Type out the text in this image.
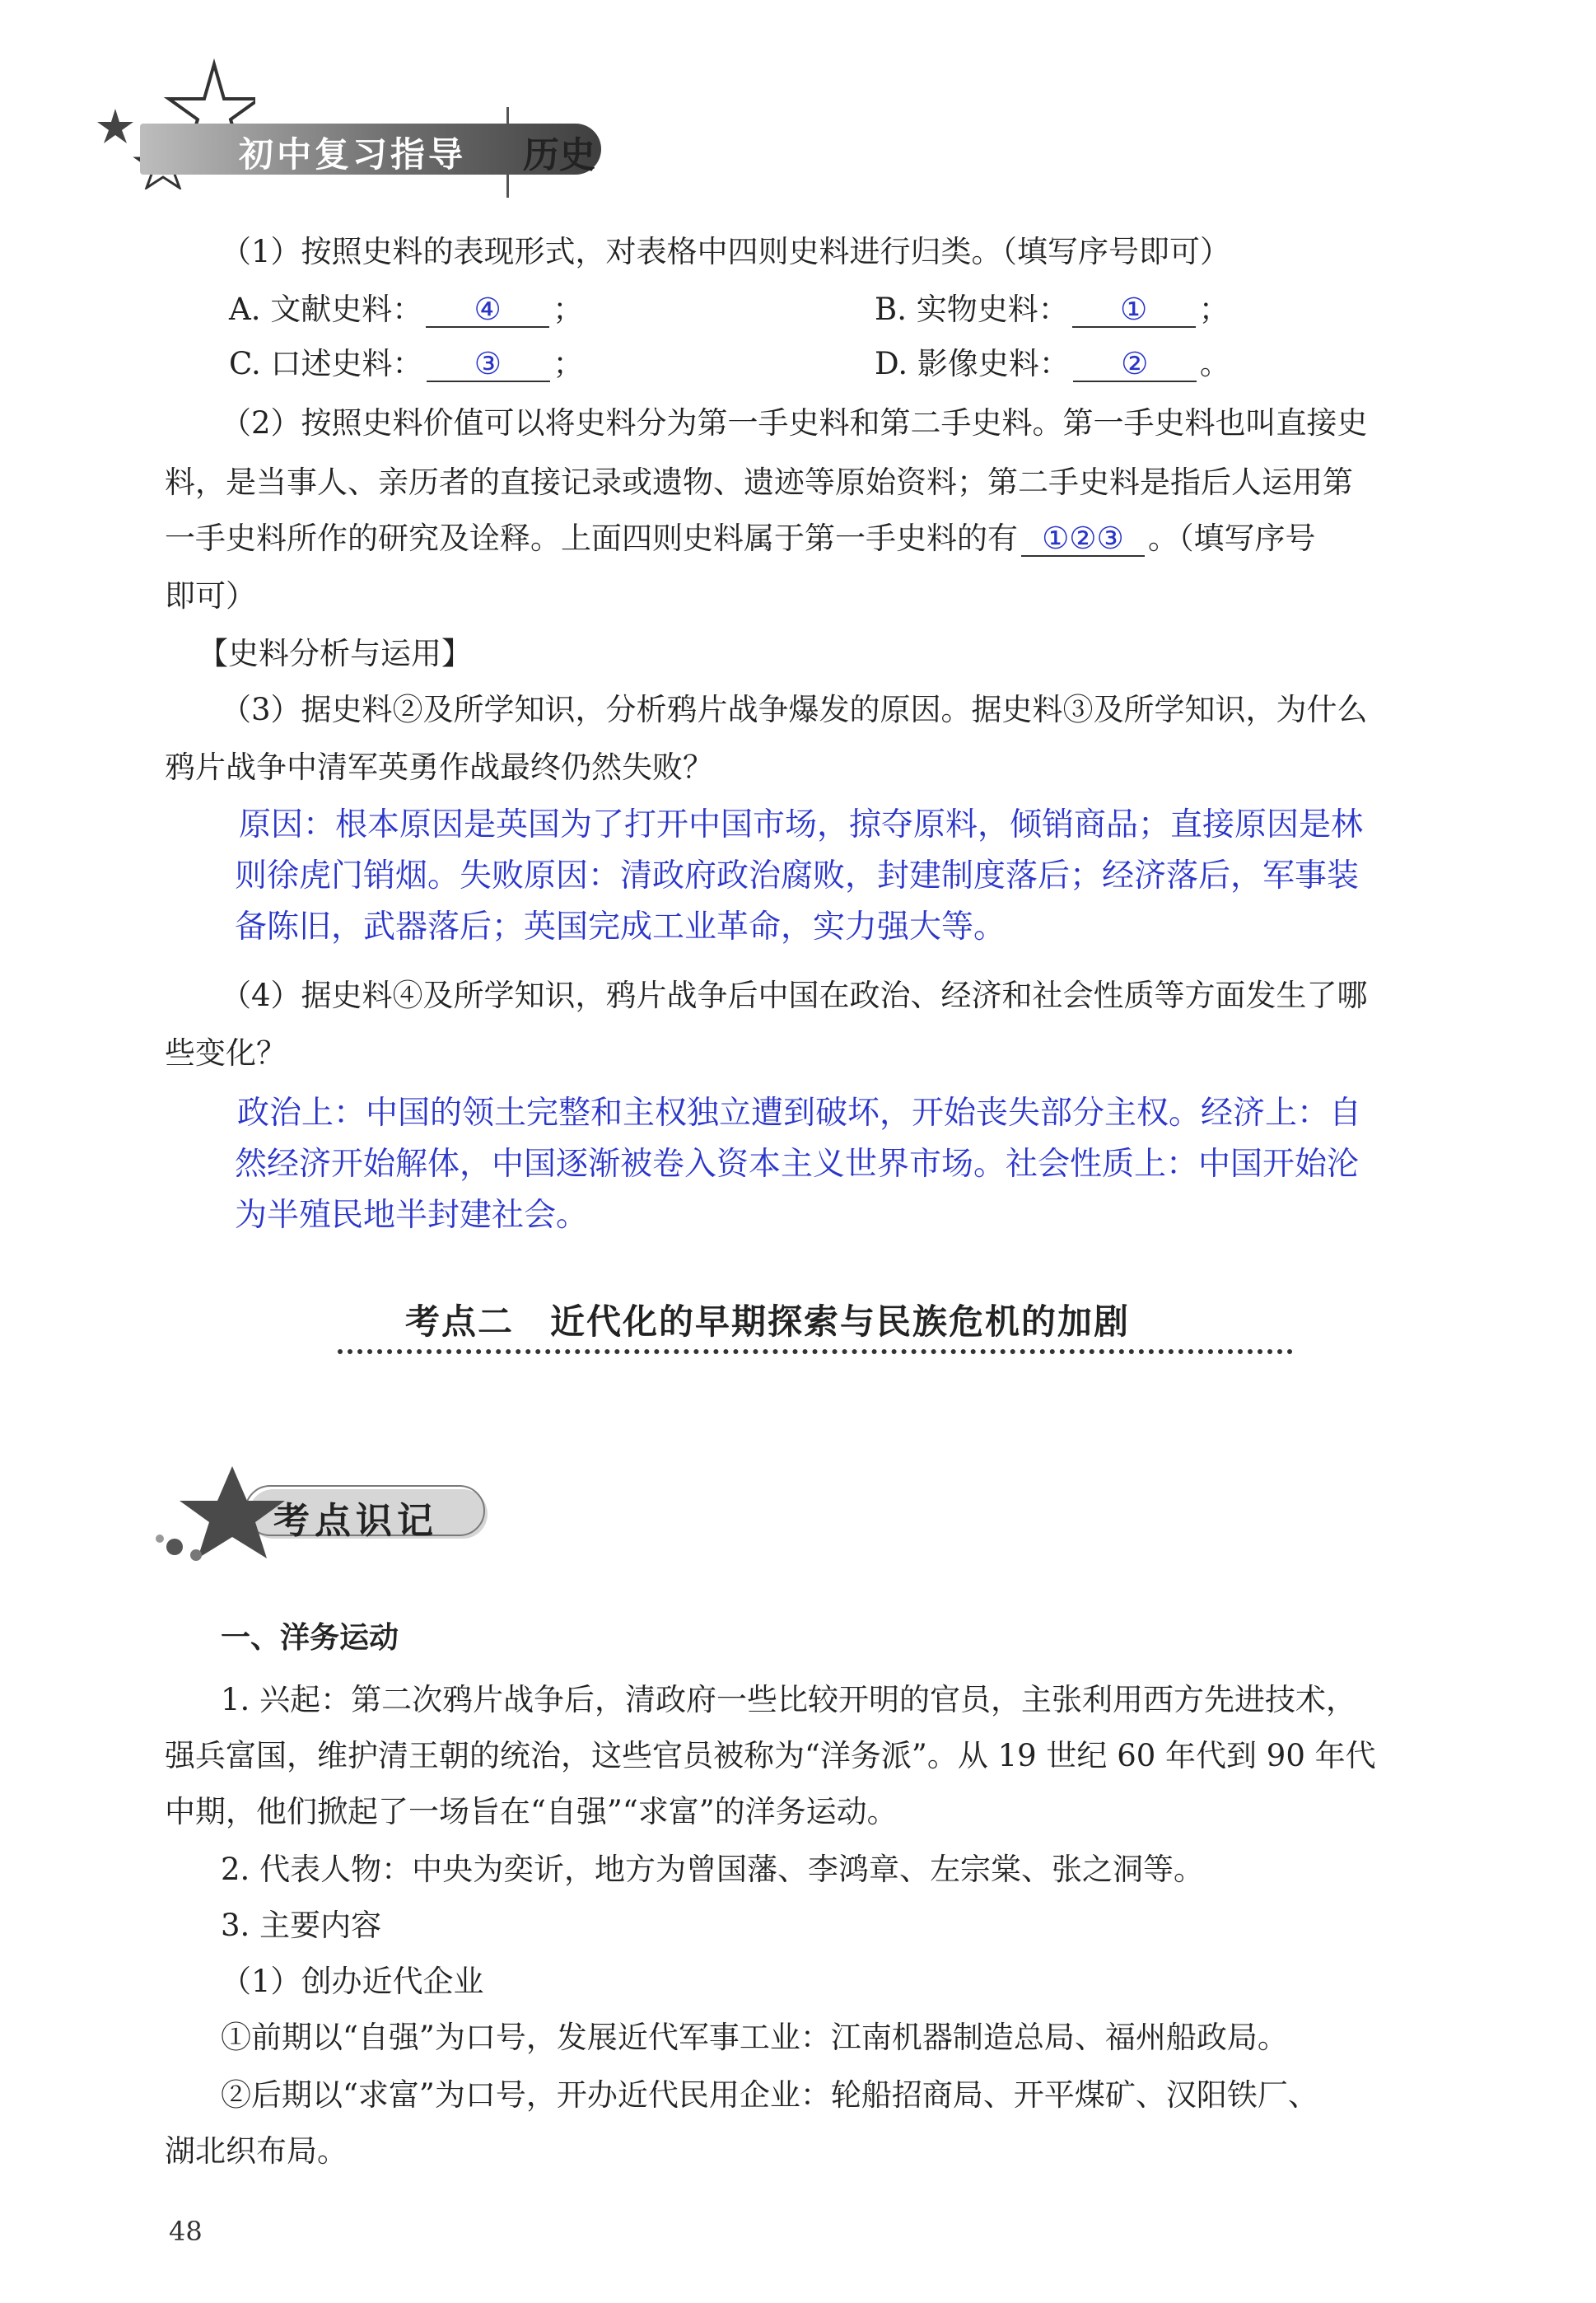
初中复习指导 历史
（1）按照史料的表现形式，对表格中四则史料进行归类。（填写序号即可）
A. 文献史料： ④ ；	B. 实物史料： ① ；
C. 口述史料： ③ ；	D. 影像史料： ② 。
（2）按照史料价值可以将史料分为第一手史料和第二手史料。第一手史料也叫直接史
料，是当事人、亲历者的直接记录或遗物、遗迹等原始资料；第二手史料是指后人运用第
一手史料所作的研究及诠释。上面四则史料属于第一手史料的有 ①②③ 。（填写序号
即可）
【史料分析与运用】
（3）据史料②及所学知识，分析鸦片战争爆发的原因。据史料③及所学知识，为什么
鸦片战争中清军英勇作战最终仍然失败？
原因：根本原因是英国为了打开中国市场，掠夺原料，倾销商品；直接原因是林
则徐虎门销烟。失败原因：清政府政治腐败，封建制度落后；经济落后，军事装
备陈旧，武器落后；英国完成工业革命，实力强大等。
（4）据史料④及所学知识，鸦片战争后中国在政治、经济和社会性质等方面发生了哪
些变化？
政治上：中国的领土完整和主权独立遭到破坏，开始丧失部分主权。经济上：自
然经济开始解体，中国逐渐被卷入资本主义世界市场。社会性质上：中国开始沦
为半殖民地半封建社会。
考点二　近代化的早期探索与民族危机的加剧
考点识记
一、洋务运动
1. 兴起：第二次鸦片战争后，清政府一些比较开明的官员，主张利用西方先进技术，
强兵富国，维护清王朝的统治，这些官员被称为“洋务派”。从 19 世纪 60 年代到 90 年代
中期，他们掀起了一场旨在“自强”“求富”的洋务运动。
2. 代表人物：中央为奕䜣，地方为曾国藩、李鸿章、左宗棠、张之洞等。
3. 主要内容
（1）创办近代企业
①前期以“自强”为口号，发展近代军事工业：江南机器制造总局、福州船政局。
②后期以“求富”为口号，开办近代民用企业：轮船招商局、开平煤矿、汉阳铁厂、
湖北织布局。
48
